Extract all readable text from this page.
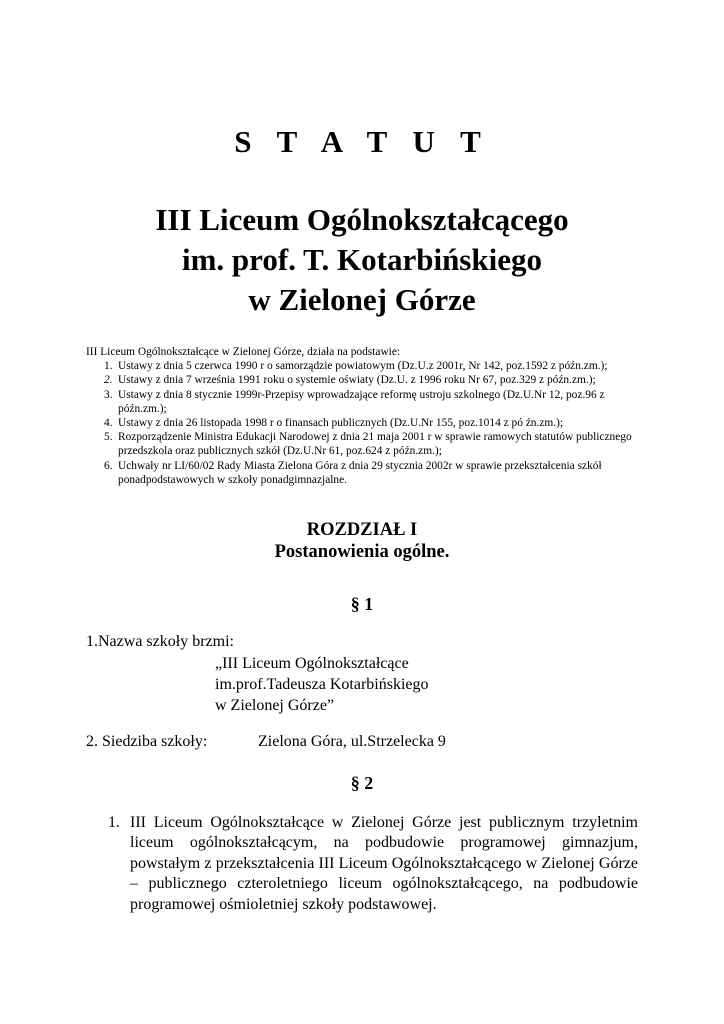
S T A T U T
III Liceum Ogólnokształcącego
im. prof. T. Kotarbińskiego
w Zielonej Górze
III Liceum Ogólnokształcące w Zielonej Górze, działa na podstawie:
1. Ustawy z dnia 5 czerwca 1990 r o samorządzie powiatowym (Dz.U.z 2001r, Nr 142, poz.1592 z późn.zm.);
2. Ustawy z dnia 7 września 1991 roku o systemie oświaty (Dz.U. z 1996 roku Nr 67, poz.329 z późn.zm.);
3. Ustawy z dnia 8 stycznie 1999r-Przepisy wprowadzające reformę ustroju szkolnego (Dz.U.Nr 12, poz.96 z późn.zm.);
4. Ustawy z dnia 26 listopada 1998 r o finansach publicznych (Dz.U.Nr 155, poz.1014 z pó źn.zm.);
5. Rozporządzenie Ministra Edukacji Narodowej z dnia 21 maja 2001 r w sprawie ramowych statutów publicznego przedszkola oraz publicznych szkół (Dz.U.Nr 61, poz.624 z późn.zm.);
6. Uchwały nr LI/60/02 Rady Miasta Zielona Góra z dnia 29 stycznia 2002r w sprawie przekształcenia szkół ponadpodstawowych w szkoły ponadgimnazjalne.
ROZDZIAŁ I
Postanowienia ogólne.
§ 1
1.Nazwa szkoły brzmi:
„III Liceum Ogólnokształcące
im.prof.Tadeusza Kotarbińskiego
w Zielonej Górze”
2. Siedziba szkoły:	Zielona Góra, ul.Strzelecka 9
§ 2
1. III Liceum Ogólnokształcące w Zielonej Górze jest publicznym trzyletnim liceum ogólnokształcącym, na podbudowie programowej gimnazjum, powstałym z przekształcenia III Liceum Ogólnokształcącego w Zielonej Górze – publicznego czteroletniego liceum ogólnokształcącego, na podbudowie programowej ośmioletniej szkoły podstawowej.
